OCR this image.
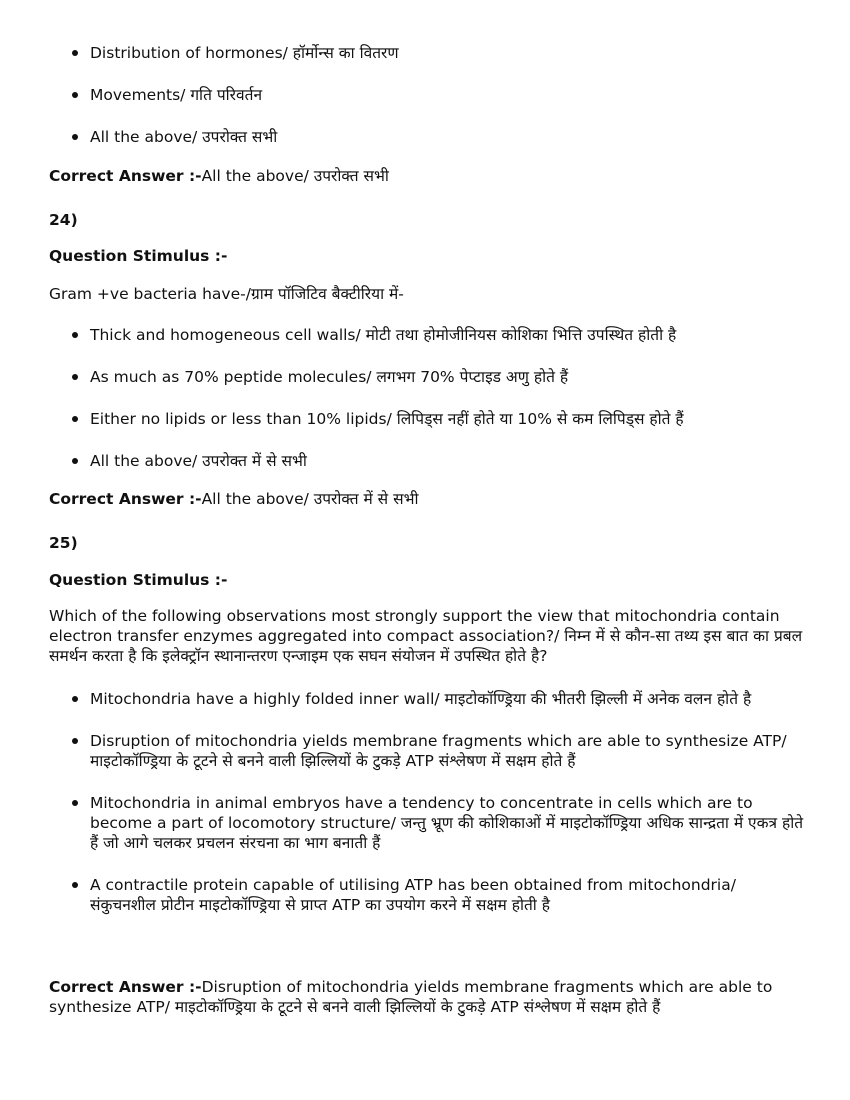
Distribution of hormones/ हॉर्मोन्स का वितरण
Movements/ गति परिवर्तन
All the above/ उपरोक्त सभी
Correct Answer :-All the above/ उपरोक्त सभी
24)
Question Stimulus :-
Gram +ve bacteria have-/ग्राम पॉजिटिव बैक्टीरिया में-
Thick and homogeneous cell walls/ मोटी तथा होमोजीनियस कोशिका भित्ति उपस्थित होती है
As much as 70% peptide molecules/ लगभग 70% पेप्टाइड अणु होते हैं
Either no lipids or less than 10% lipids/ लिपिड्स नहीं होते या 10% से कम लिपिड्स होते हैं
All the above/ उपरोक्त में से सभी
Correct Answer :-All the above/ उपरोक्त में से सभी
25)
Question Stimulus :-
Which of the following observations most strongly support the view that mitochondria contain electron transfer enzymes aggregated into compact association?/ निम्न में से कौन-सा तथ्य इस बात का प्रबल समर्थन करता है कि इलेक्ट्रॉन स्थानान्तरण एन्जाइम एक सघन संयोजन में उपस्थित होते है?
Mitochondria have a highly folded inner wall/ माइटोकॉण्ड्रिया की भीतरी झिल्ली में अनेक वलन होते है
Disruption of mitochondria yields membrane fragments which are able to synthesize ATP/ माइटोकॉण्ड्रिया के टूटने से बनने वाली झिल्लियों के टुकड़े ATP संश्लेषण में सक्षम होते हैं
Mitochondria in animal embryos have a tendency to concentrate in cells which are to become a part of locomotory structure/ जन्तु भ्रूण की कोशिकाओं में माइटोकॉण्ड्रिया अधिक सान्द्रता में एकत्र होते हैं जो आगे चलकर प्रचलन संरचना का भाग बनाती हैं
A contractile protein capable of utilising ATP has been obtained from mitochondria/ संकुचनशील प्रोटीन माइटोकॉण्ड्रिया से प्राप्त ATP का उपयोग करने में सक्षम होती है
Correct Answer :-Disruption of mitochondria yields membrane fragments which are able to synthesize ATP/ माइटोकॉण्ड्रिया के टूटने से बनने वाली झिल्लियों के टुकड़े ATP संश्लेषण में सक्षम होते हैं
